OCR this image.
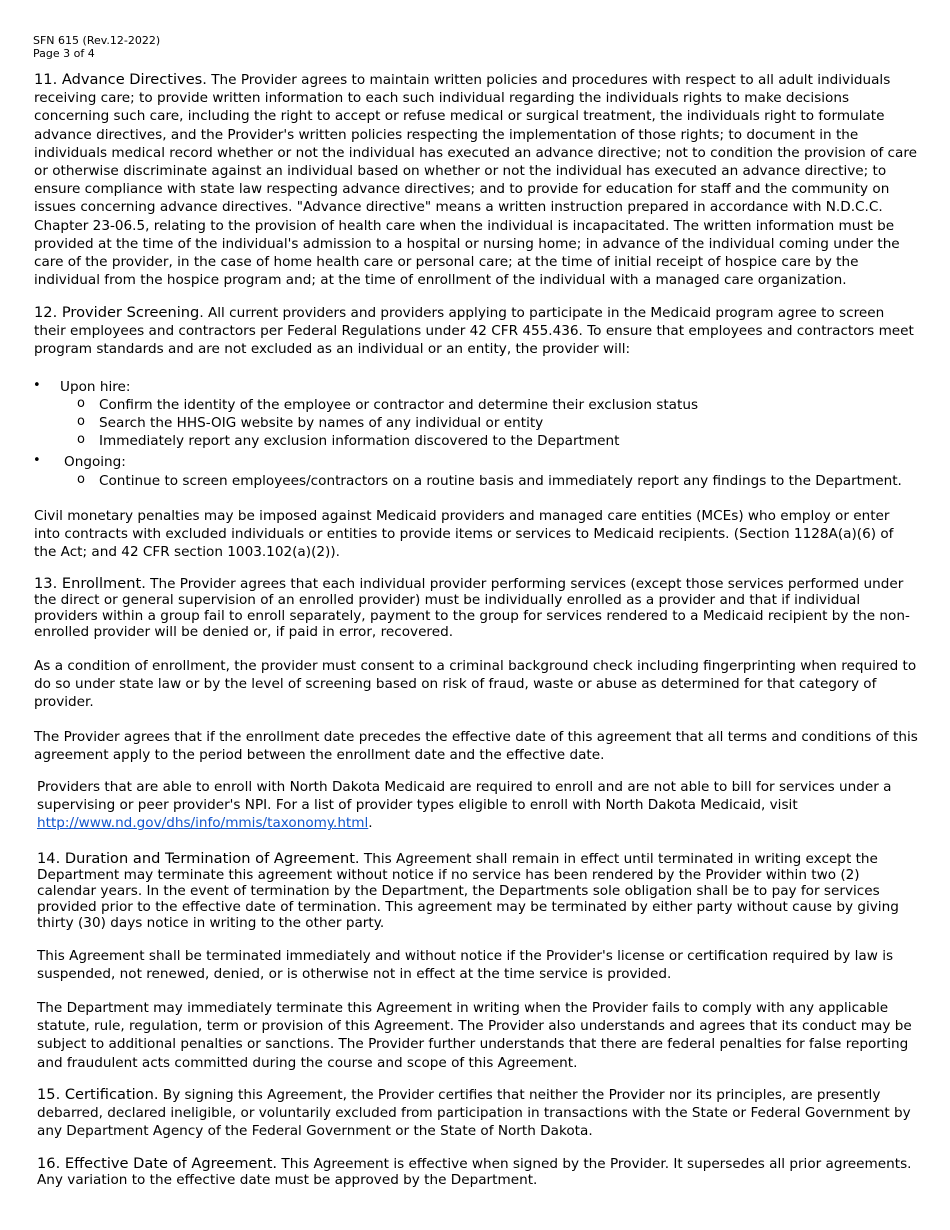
SFN 615 (Rev.12-2022)
Page 3 of 4

11. Advance Directives. The Provider agrees to maintain written policies and procedures with respect to all adult individuals receiving care; to provide written information to each such individual regarding the individuals rights to make decisions concerning such care, including the right to accept or refuse medical or surgical treatment, the individuals right to formulate advance directives, and the Provider's written policies respecting the implementation of those rights; to document in the individuals medical record whether or not the individual has executed an advance directive; not to condition the provision of care or otherwise discriminate against an individual based on whether or not the individual has executed an advance directive; to ensure compliance with state law respecting advance directives; and to provide for education for staff and the community on issues concerning advance directives. "Advance directive" means a written instruction prepared in accordance with N.D.C.C. Chapter 23-06.5, relating to the provision of health care when the individual is incapacitated. The written information must be provided at the time of the individual's admission to a hospital or nursing home; in advance of the individual coming under the care of the provider, in the case of home health care or personal care; at the time of initial receipt of hospice care by the individual from the hospice program and; at the time of enrollment of the individual with a managed care organization.

12. Provider Screening. All current providers and providers applying to participate in the Medicaid program agree to screen their employees and contractors per Federal Regulations under 42 CFR 455.436. To ensure that employees and contractors meet program standards and are not excluded as an individual or an entity, the provider will:

• Upon hire:
o Confirm the identity of the employee or contractor and determine their exclusion status
o Search the HHS-OIG website by names of any individual or entity
o Immediately report any exclusion information discovered to the Department
• Ongoing:
o Continue to screen employees/contractors on a routine basis and immediately report any findings to the Department.

Civil monetary penalties may be imposed against Medicaid providers and managed care entities (MCEs) who employ or enter into contracts with excluded individuals or entities to provide items or services to Medicaid recipients. (Section 1128A(a)(6) of the Act; and 42 CFR section 1003.102(a)(2)).

13. Enrollment. The Provider agrees that each individual provider performing services (except those services performed under the direct or general supervision of an enrolled provider) must be individually enrolled as a provider and that if individual providers within a group fail to enroll separately, payment to the group for services rendered to a Medicaid recipient by the non-enrolled provider will be denied or, if paid in error, recovered.

As a condition of enrollment, the provider must consent to a criminal background check including fingerprinting when required to do so under state law or by the level of screening based on risk of fraud, waste or abuse as determined for that category of provider.

The Provider agrees that if the enrollment date precedes the effective date of this agreement that all terms and conditions of this agreement apply to the period between the enrollment date and the effective date.

Providers that are able to enroll with North Dakota Medicaid are required to enroll and are not able to bill for services under a supervising or peer provider's NPI. For a list of provider types eligible to enroll with North Dakota Medicaid, visit http://www.nd.gov/dhs/info/mmis/taxonomy.html.

14. Duration and Termination of Agreement. This Agreement shall remain in effect until terminated in writing except the Department may terminate this agreement without notice if no service has been rendered by the Provider within two (2) calendar years. In the event of termination by the Department, the Departments sole obligation shall be to pay for services provided prior to the effective date of termination. This agreement may be terminated by either party without cause by giving thirty (30) days notice in writing to the other party.

This Agreement shall be terminated immediately and without notice if the Provider's license or certification required by law is suspended, not renewed, denied, or is otherwise not in effect at the time service is provided.

The Department may immediately terminate this Agreement in writing when the Provider fails to comply with any applicable statute, rule, regulation, term or provision of this Agreement. The Provider also understands and agrees that its conduct may be subject to additional penalties or sanctions. The Provider further understands that there are federal penalties for false reporting and fraudulent acts committed during the course and scope of this Agreement.

15. Certification. By signing this Agreement, the Provider certifies that neither the Provider nor its principles, are presently debarred, declared ineligible, or voluntarily excluded from participation in transactions with the State or Federal Government by any Department Agency of the Federal Government or the State of North Dakota.

16. Effective Date of Agreement. This Agreement is effective when signed by the Provider. It supersedes all prior agreements. Any variation to the effective date must be approved by the Department.
